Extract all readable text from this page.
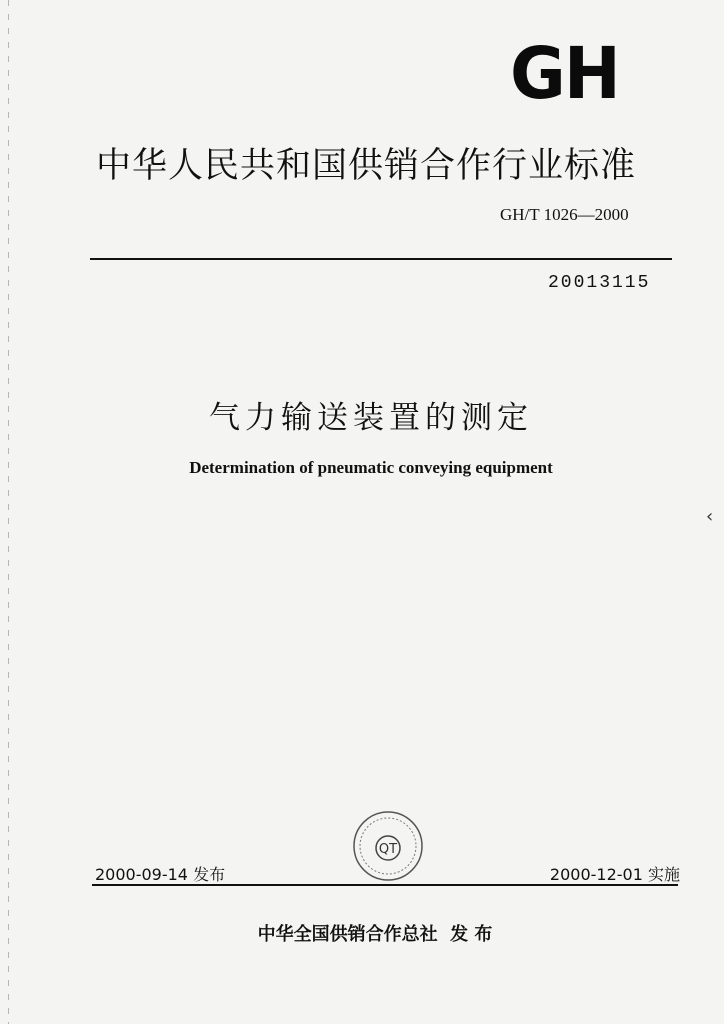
GH
中华人民共和国供销合作行业标准
GH/T 1026—2000
20013115
气力输送装置的测定
Determination of pneumatic conveying equipment
QT
2000-09-14 发布	2000-12-01 实施
中华全国供销合作总社  发 布
‹
